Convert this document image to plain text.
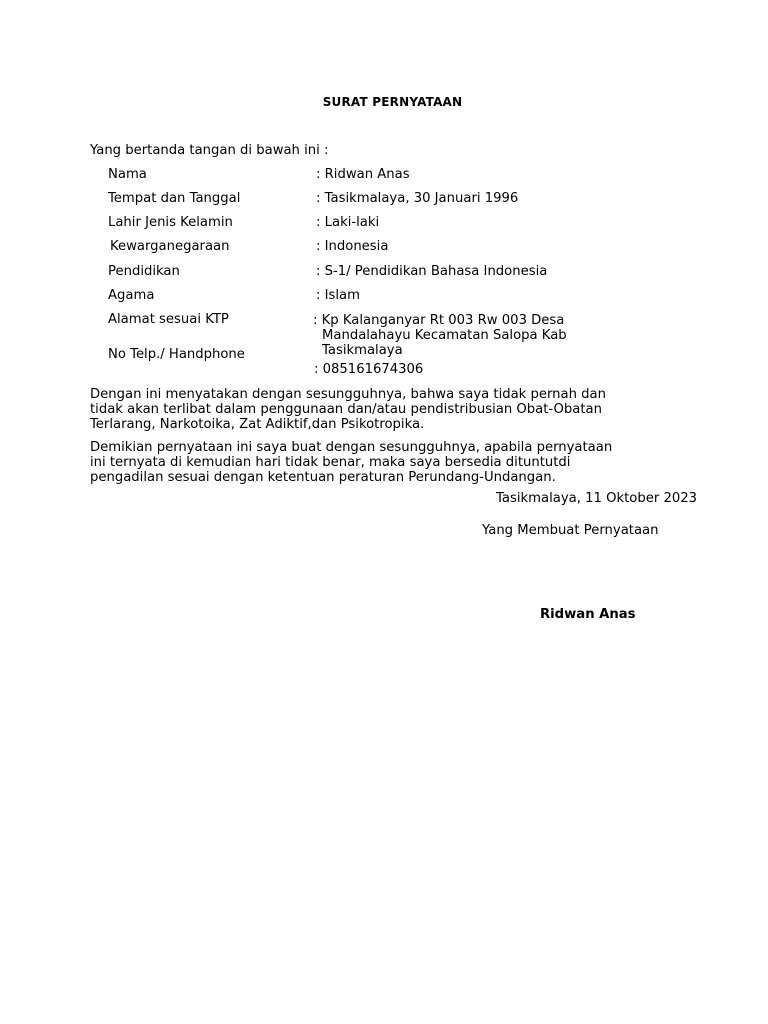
SURAT PERNYATAAN
Yang bertanda tangan di bawah ini :
Nama
Tempat dan Tanggal
Lahir Jenis Kelamin
Kewarganegaraan
Pendidikan
Agama
Alamat sesuai KTP
No Telp./ Handphone
: Ridwan Anas
: Tasikmalaya, 30 Januari 1996
: Laki-laki
: Indonesia
: S-1/ Pendidikan Bahasa Indonesia
: Islam
: Kp Kalanganyar Rt 003 Rw 003 Desa
Mandalahayu Kecamatan Salopa Kab
Tasikmalaya
: 085161674306
Dengan ini menyatakan dengan sesungguhnya, bahwa saya tidak pernah dan
tidak akan terlibat dalam penggunaan dan/atau pendistribusian Obat-Obatan
Terlarang, Narkotoika, Zat Adiktif,dan Psikotropika.
Demikian pernyataan ini saya buat dengan sesungguhnya, apabila pernyataan
ini ternyata di kemudian hari tidak benar, maka saya bersedia dituntutdi
pengadilan sesuai dengan ketentuan peraturan Perundang-Undangan.
Tasikmalaya, 11 Oktober 2023
Yang Membuat Pernyataan
Ridwan Anas
